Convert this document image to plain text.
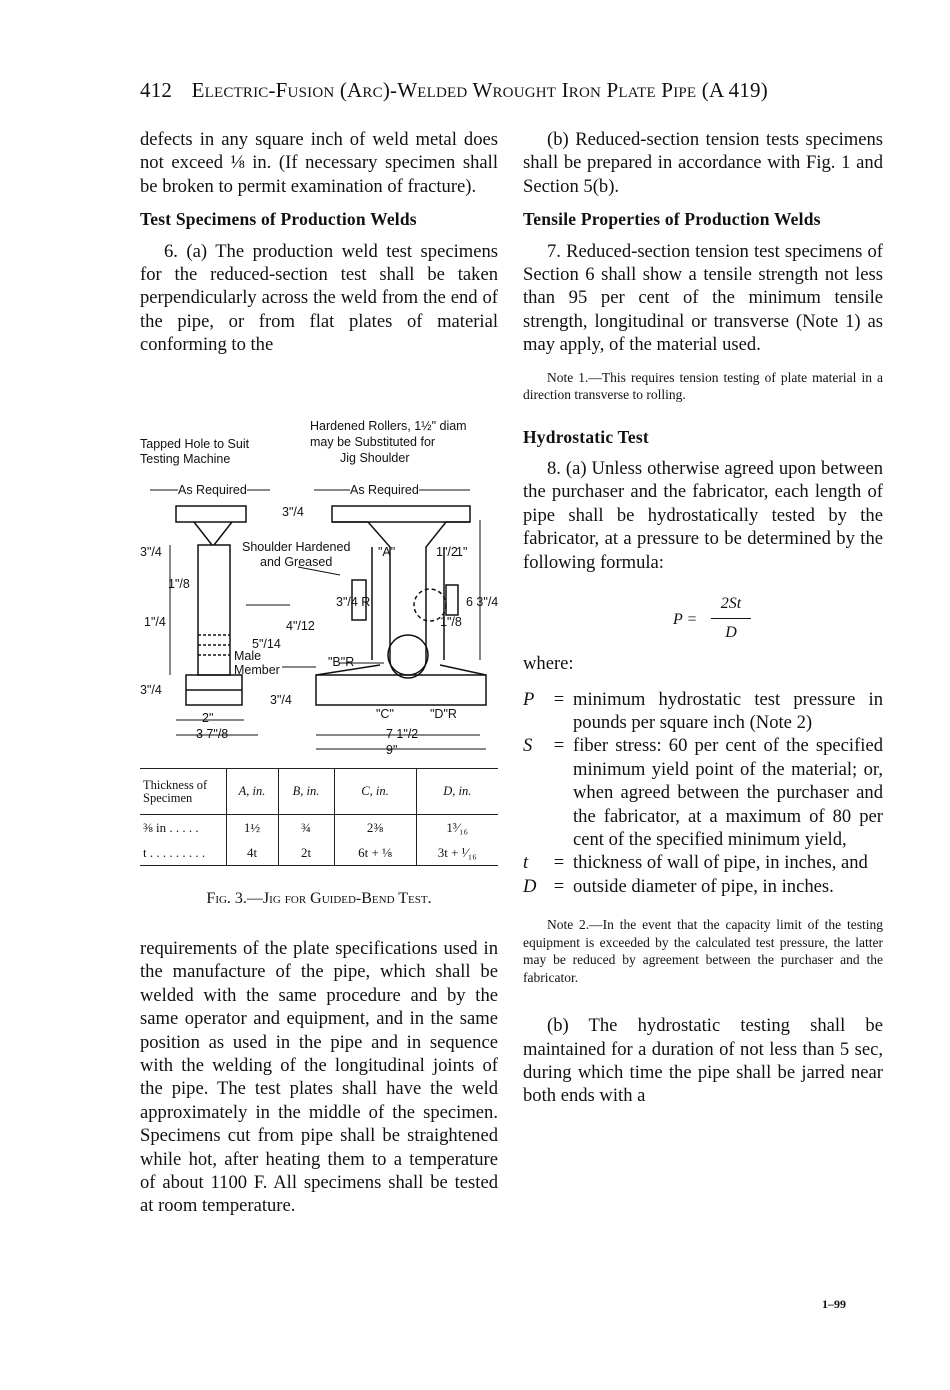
412 Electric-Fusion (Arc)-Welded Wrought Iron Plate Pipe (A 419)

defects in any square inch of weld metal does not exceed ⅛ in. (If necessary specimen shall be broken to permit examination of fracture).

Test Specimens of Production Welds

6. (a) The production weld test specimens for the reduced-section test shall be taken perpendicularly across the weld from the end of the pipe, or from flat plates of material conforming to the

Tapped Hole to Suit
Testing Machine
Hardened Rollers, 1½" diam
may be Substituted for
Jig Shoulder
As Required	As Required
Shoulder Hardened
and Greased
Male
Member
3"/4
3"/4
3"/4
3"/4
1"/8
1"/4	4"/12
5"/14
2"
3 7"/8	7 1"/2
9"
6 3"/4
1"/8
1"/2
1"
"A"
"B"R
"C"	"D"R
3"/4 R
Thickness of Specimen	A, in.	B, in.	C, in.	D, in.
⅜ in . . . . .	1½	¾	2⅜	1³⁄₁₆
t . . . . . . . . .	4t	2t	6t + ⅛	3t + ¹⁄₁₆
Fig. 3.—Jig for Guided-Bend Test.

requirements of the plate specifications used in the manufacture of the pipe, which shall be welded with the same procedure and by the same operator and equipment, and in the same position as used in the pipe and in sequence with the welding of the longitudinal joints of the pipe. The test plates shall have the weld approximately in the middle of the specimen. Specimens cut from pipe shall be straightened while hot, after heating them to a temperature of about 1100 F. All specimens shall be tested at room temperature.

(b) Reduced-section tension tests specimens shall be prepared in accordance with Fig. 1 and Section 5(b).

Tensile Properties of Production Welds

7. Reduced-section tension test specimens of Section 6 shall show a tensile strength not less than 95 per cent of the minimum tensile strength, longitudinal or transverse (Note 1) as may apply, of the material used.

Note 1.—This requires tension testing of plate material in a direction transverse to rolling.

Hydrostatic Test

8. (a) Unless otherwise agreed upon between the purchaser and the fabricator, each length of pipe shall be hydrostatically tested by the fabricator, at a pressure to be determined by the following formula:

$P = \frac{2St}{D}$

where:

P	=	minimum hydrostatic test pressure in pounds per square inch (Note 2)
S	=	fiber stress: 60 per cent of the specified minimum yield point of the material; or, when agreed between the purchaser and the fabricator, at a maximum of 80 per cent of the specified minimum yield,
t	=	thickness of wall of pipe, in inches, and
D	=	outside diameter of pipe, in inches.

Note 2.—In the event that the capacity limit of the testing equipment is exceeded by the calculated test pressure, the latter may be reduced by agreement between the purchaser and the fabricator.

(b) The hydrostatic testing shall be maintained for a duration of not less than 5 sec, during which time the pipe shall be jarred near both ends with a

1–99
